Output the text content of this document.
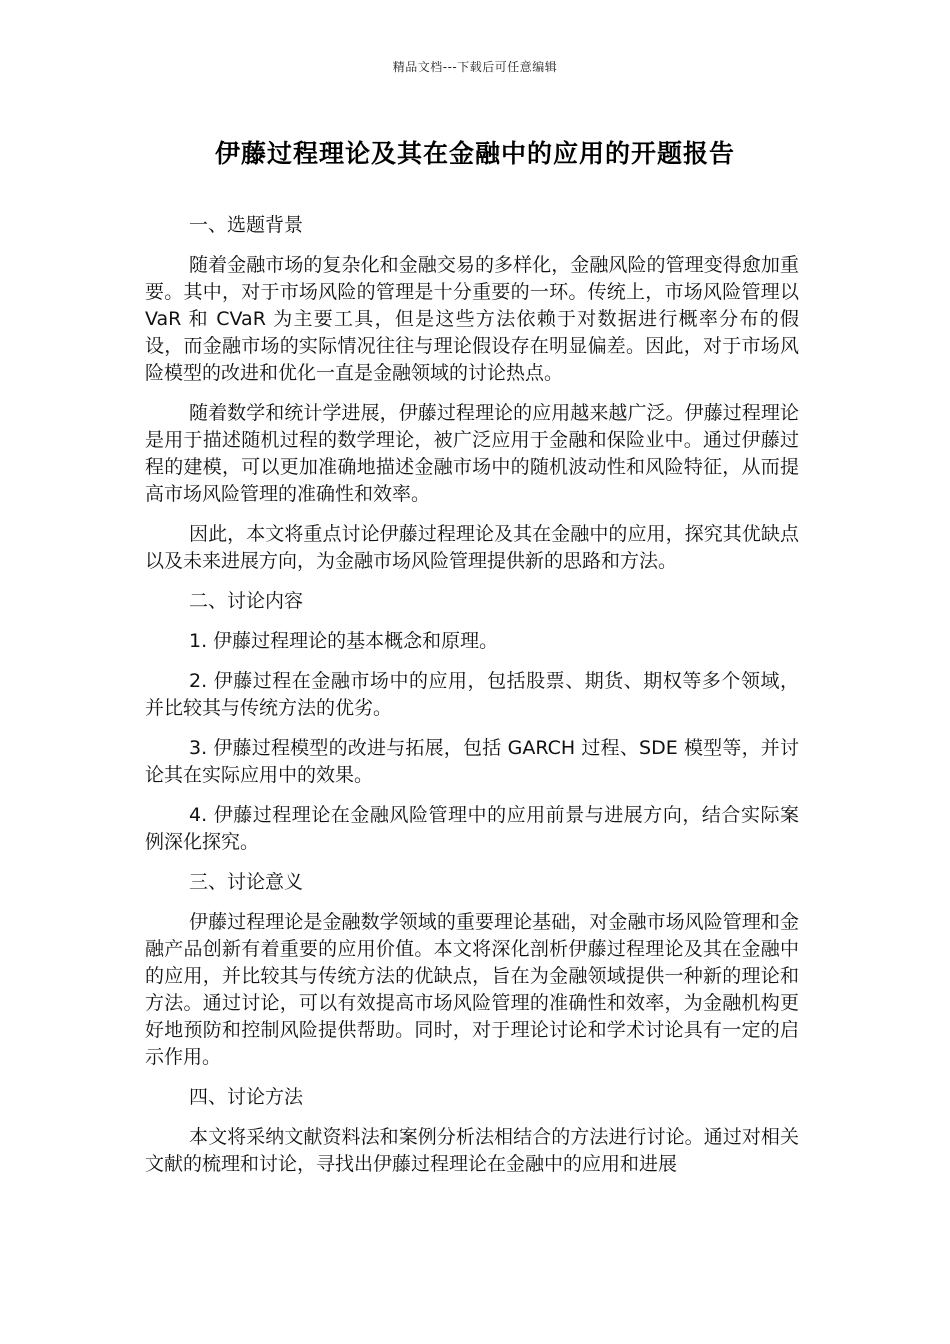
精品文档---下载后可任意编辑
伊藤过程理论及其在金融中的应用的开题报告
一、选题背景

随着金融市场的复杂化和金融交易的多样化，金融风险的管理变得愈加重要。其中，对于市场风险的管理是十分重要的一环。传统上，市场风险管理以 VaR 和 CVaR 为主要工具，但是这些方法依赖于对数据进行概率分布的假设，而金融市场的实际情况往往与理论假设存在明显偏差。因此，对于市场风险模型的改进和优化一直是金融领域的讨论热点。

随着数学和统计学进展，伊藤过程理论的应用越来越广泛。伊藤过程理论是用于描述随机过程的数学理论，被广泛应用于金融和保险业中。通过伊藤过程的建模，可以更加准确地描述金融市场中的随机波动性和风险特征，从而提高市场风险管理的准确性和效率。

因此，本文将重点讨论伊藤过程理论及其在金融中的应用，探究其优缺点以及未来进展方向，为金融市场风险管理提供新的思路和方法。

二、讨论内容

1. 伊藤过程理论的基本概念和原理。

2. 伊藤过程在金融市场中的应用，包括股票、期货、期权等多个领域，并比较其与传统方法的优劣。

3. 伊藤过程模型的改进与拓展，包括 GARCH 过程、SDE 模型等，并讨论其在实际应用中的效果。

4. 伊藤过程理论在金融风险管理中的应用前景与进展方向，结合实际案例深化探究。

三、讨论意义

伊藤过程理论是金融数学领域的重要理论基础，对金融市场风险管理和金融产品创新有着重要的应用价值。本文将深化剖析伊藤过程理论及其在金融中的应用，并比较其与传统方法的优缺点，旨在为金融领域提供一种新的理论和方法。通过讨论，可以有效提高市场风险管理的准确性和效率，为金融机构更好地预防和控制风险提供帮助。同时，对于理论讨论和学术讨论具有一定的启示作用。

四、讨论方法

本文将采纳文献资料法和案例分析法相结合的方法进行讨论。通过对相关文献的梳理和讨论，寻找出伊藤过程理论在金融中的应用和进展
